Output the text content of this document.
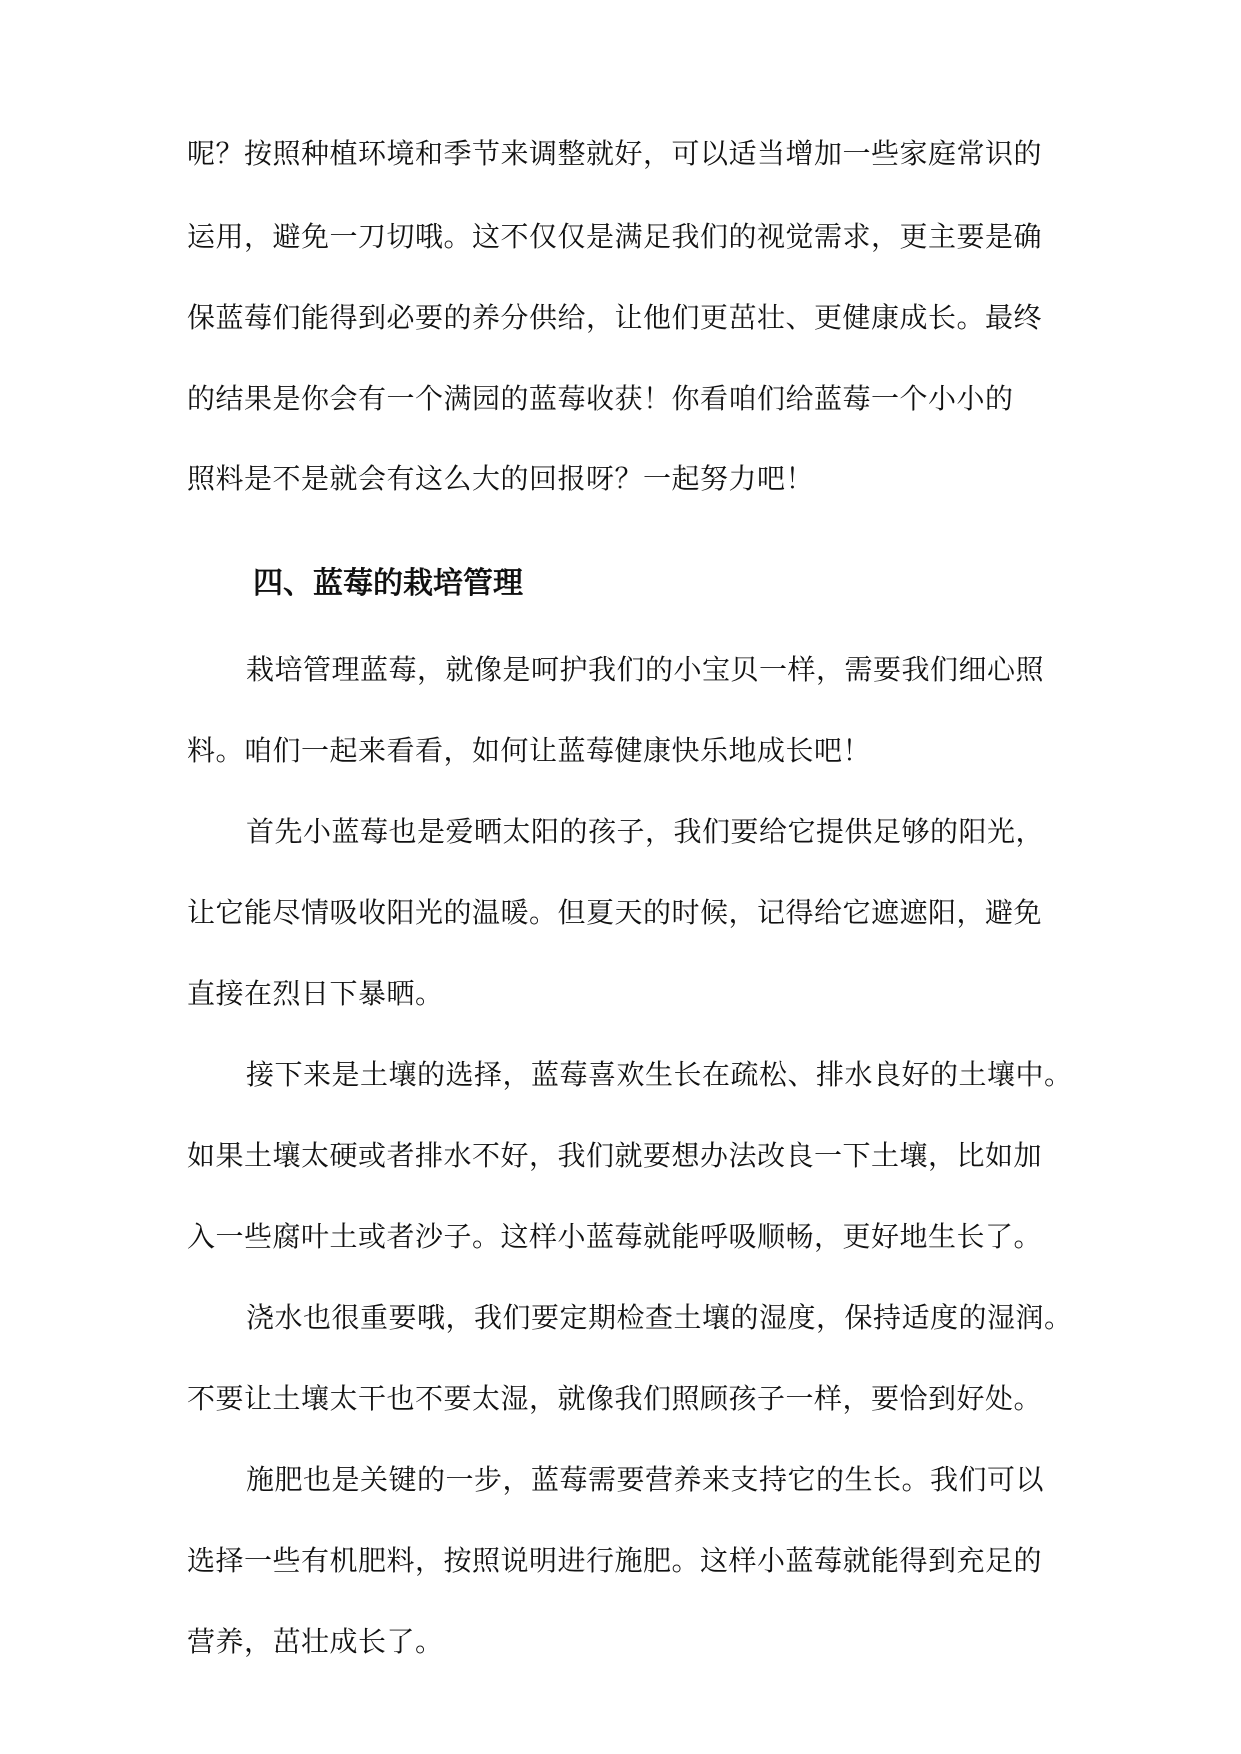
呢？按照种植环境和季节来调整就好，可以适当增加一些家庭常识的
运用，避免一刀切哦。这不仅仅是满足我们的视觉需求，更主要是确
保蓝莓们能得到必要的养分供给，让他们更茁壮、更健康成长。最终
的结果是你会有一个满园的蓝莓收获！你看咱们给蓝莓一个小小的
照料是不是就会有这么大的回报呀？一起努力吧！
四、蓝莓的栽培管理
栽培管理蓝莓，就像是呵护我们的小宝贝一样，需要我们细心照
料。咱们一起来看看，如何让蓝莓健康快乐地成长吧！
首先小蓝莓也是爱晒太阳的孩子，我们要给它提供足够的阳光，
让它能尽情吸收阳光的温暖。但夏天的时候，记得给它遮遮阳，避免
直接在烈日下暴晒。
接下来是土壤的选择，蓝莓喜欢生长在疏松、排水良好的土壤中。
如果土壤太硬或者排水不好，我们就要想办法改良一下土壤，比如加
入一些腐叶土或者沙子。这样小蓝莓就能呼吸顺畅，更好地生长了。
浇水也很重要哦，我们要定期检查土壤的湿度，保持适度的湿润。
不要让土壤太干也不要太湿，就像我们照顾孩子一样，要恰到好处。
施肥也是关键的一步，蓝莓需要营养来支持它的生长。我们可以
选择一些有机肥料，按照说明进行施肥。这样小蓝莓就能得到充足的
营养，茁壮成长了。
